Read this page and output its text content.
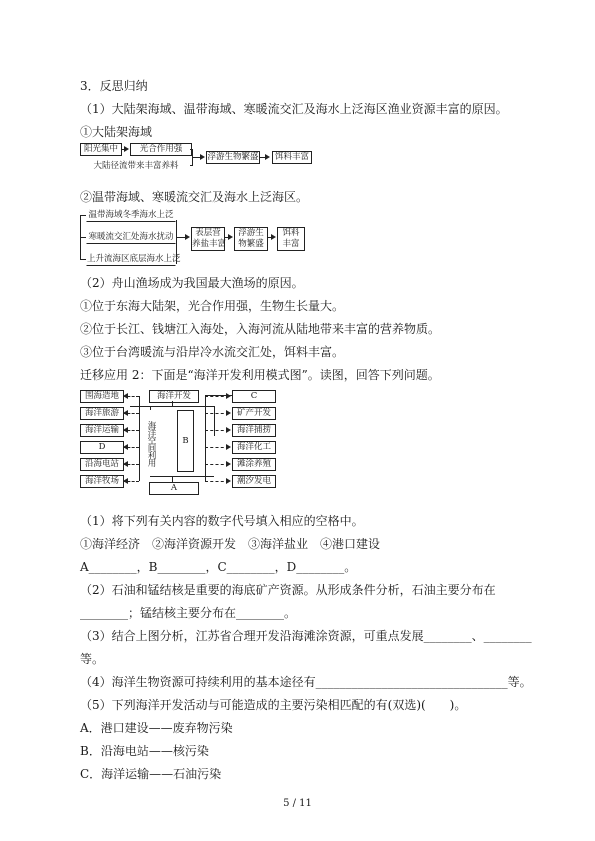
3．反思归纳
（1）大陆架海域、温带海域、寒暖流交汇及海水上泛海区渔业资源丰富的原因。
①大陆架海域
阳光集中	光合作用强
大陆径流带来丰富养料
浮游生物繁盛	饵料丰富
②温带海域、寒暖流交汇及海水上泛海区。
温带海域冬季海水上泛
寒暖流交汇处海水扰动
上升流海区底层海水上泛
表层营
养盐丰富
浮游生
物繁盛
饵料
丰富
（2）舟山渔场成为我国最大渔场的原因。
①位于东海大陆架，光合作用强，生物生长量大。
②位于长江、钱塘江入海处，入海河流从陆地带来丰富的营养物质。
③位于台湾暖流与沿岸冷水流交汇处，饵料丰富。
迁移应用 2：下面是“海洋开发利用模式图”。读图，回答下列问题。
海洋开发
围海造地
海洋旅游
海洋运输
D
沿海电站
海洋牧场
海洋空间利用	B
C
矿产开发
海洋捕捞
海洋化工
滩涂养殖
潮汐发电
A
（1）将下列有关内容的数字代号填入相应的空格中。
①海洋经济　②海洋资源开发　③海洋盐业　④港口建设
A________，B________，C________，D________。
（2）石油和锰结核是重要的海底矿产资源。从形成条件分析，石油主要分布在
________；锰结核主要分布在________。
（3）结合上图分析，江苏省合理开发沿海滩涂资源，可重点发展________、________
等。
（4）海洋生物资源可持续利用的基本途径有________________________________等。
（5）下列海洋开发活动与可能造成的主要污染相匹配的有(双选)(　　)。
A．港口建设——废弃物污染
B．沿海电站——核污染
C．海洋运输——石油污染
5 / 11
